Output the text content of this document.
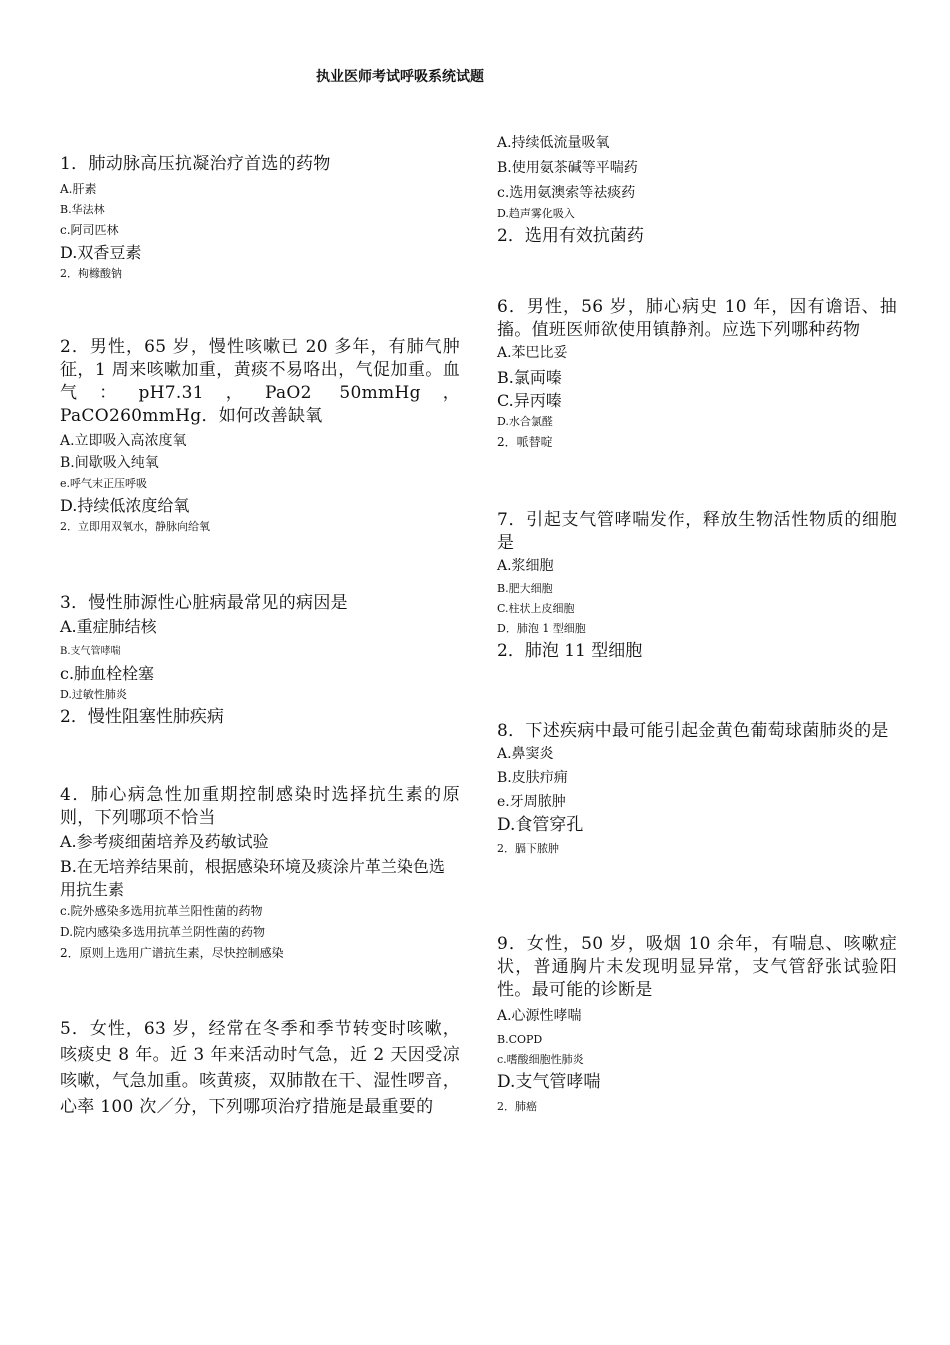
执业医师考试呼吸系统试题
1．肺动脉高压抗凝治疗首选的药物
A.肝素
B.华法林
c.阿司匹林
D.双香豆素
2．枸橼酸钠
2．男性，65 岁，慢性咳嗽已 20 多年，有肺气肿征，1 周来咳嗽加重，黄痰不易咯出，气促加重。血气：pH7.31，PaO2 50mmHg，PaCO260mmHg．如何改善缺氧
A.立即吸入高浓度氧
B.间歇吸入纯氧
e.呼气末正压呼吸
D.持续低浓度给氧
2．立即用双氧水，静脉向给氧
3．慢性肺源性心脏病最常见的病因是
A.重症肺结核
B.支气管哮喘
c.肺血栓栓塞
D.过敏性肺炎
2．慢性阻塞性肺疾病
4．肺心病急性加重期控制感染时选择抗生素的原则，下列哪项不恰当
A.参考痰细菌培养及药敏试验
B.在无培养结果前，根据感染环境及痰涂片革兰染色选用抗生素
c.院外感染多选用抗革兰阳性菌的药物
D.院内感染多选用抗革兰阴性菌的药物
2．原则上选用广谱抗生素，尽快控制感染
5．女性，63 岁，经常在冬季和季节转变时咳嗽，咳痰史 8 年。近 3 年来活动时气急，近 2 天因受凉咳嗽，气急加重。咳黄痰，双肺散在干、湿性啰音，心率 100 次／分，下列哪项治疗措施是最重要的
A.持续低流量吸氧
B.使用氨茶碱等平喘药
c.选用氨澳索等祛痰药
D.趋声雾化吸入
2．选用有效抗菌药
6．男性，56 岁，肺心病史 10 年，因有谵语、抽搐。值班医师欲使用镇静剂。应选下列哪种药物
A.苯巴比妥
B.氯両嗪
C.异丙嗪
D.水合氯醛
2．哌替啶
7．引起支气管哮喘发作，释放生物活性物质的细胞是
A.浆细胞
B.肥大细胞
C.柱状上皮细胞
D．肺泡 1 型细胞
2．肺泡 11 型细胞
8．下述疾病中最可能引起金黄色葡萄球菌肺炎的是
A.鼻窦炎
B.皮肤疖痈
e.牙周脓肿
D.食管穿孔
2．膈下脓肿
9．女性，50 岁，吸烟 10 余年，有喘息、咳嗽症状，普通胸片未发现明显异常，支气管舒张试验阳性。最可能的诊断是
A.心源性哮喘
B.COPD
c.嗜酸细胞性肺炎
D.支气管哮喘
2．肺癌
